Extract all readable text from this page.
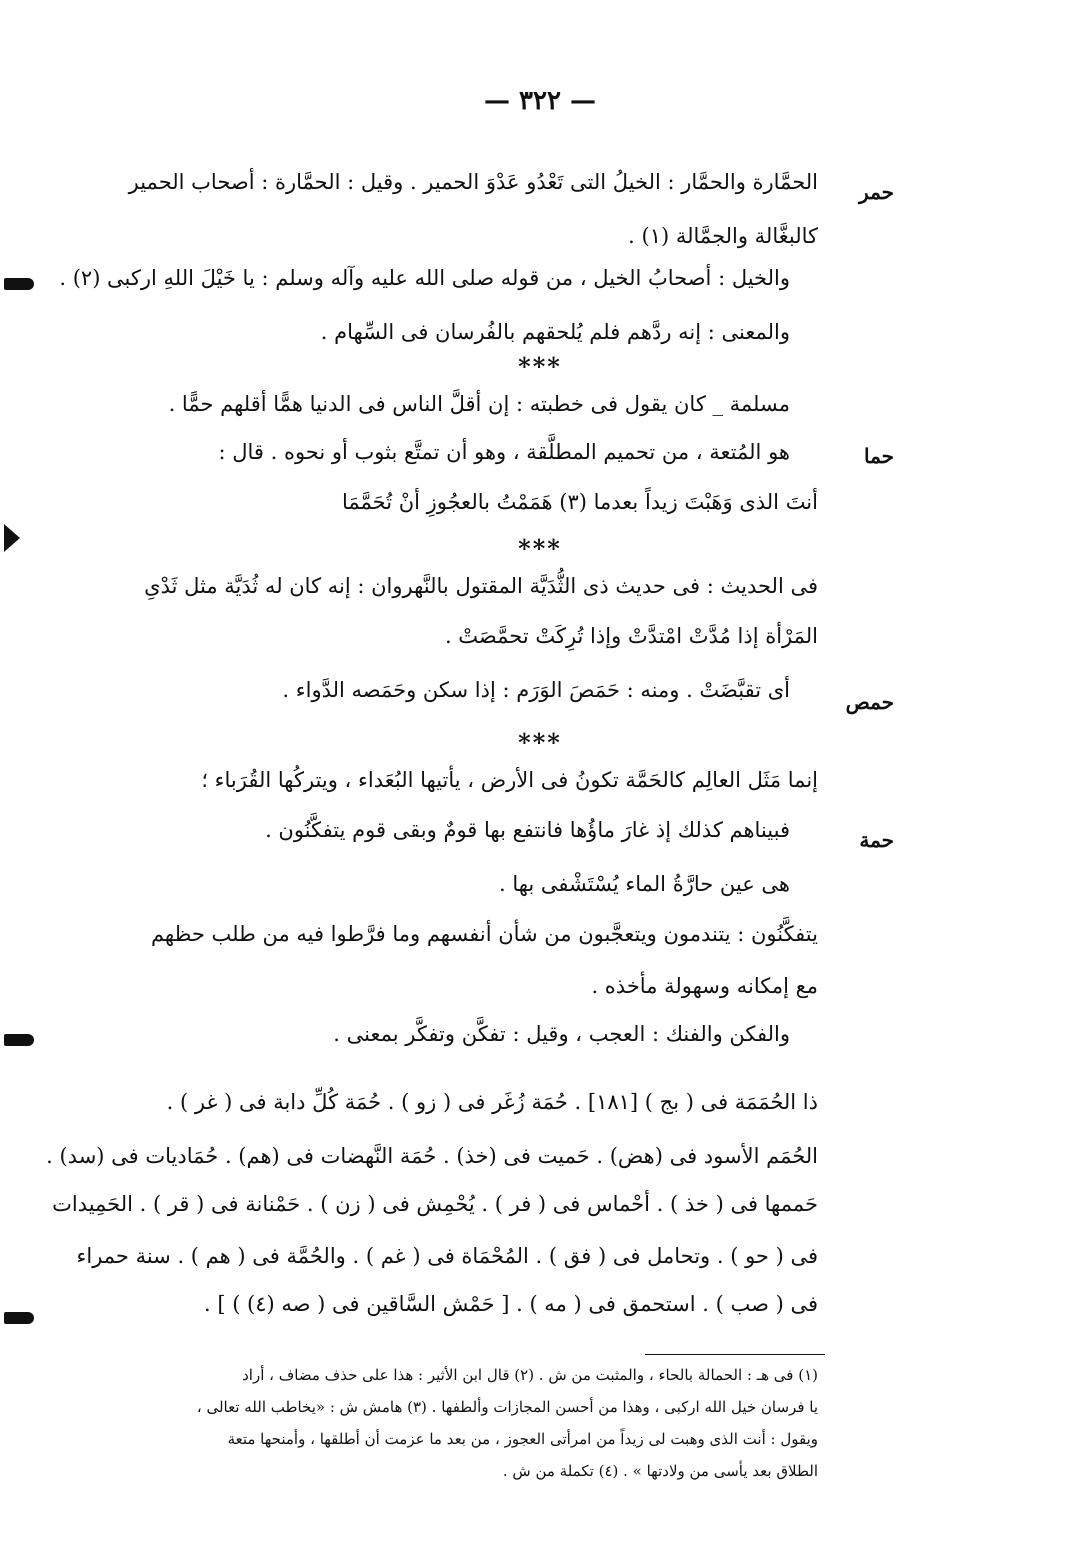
— ٣٢٢ —
حمر
الحمَّارة والحمَّار : الخيلُ التى تَعْدُو عَدْوَ الحمير . وقيل : الحمَّارة : أصحاب الحمير
كالبغَّالة والجمَّالة (١) .
والخيل : أصحابُ الخيل ، من قوله صلى الله عليه وآله وسلم : يا خَيْلَ اللهِ اركبى (٢) .
والمعنى : إنه ردَّهم فلم يُلحقهم بالفُرسان فى السِّهام .
***
مسلمة _ كان يقول فى خطبته : إن أقلَّ الناس فى الدنيا همًّا أقلهم حمًّا .
حما
هو المُتعة ، من تحميم المطلَّقة ، وهو أن تمتَّع بثوب أو نحوه . قال :
أنتَ الذى وَهَبْتَ زيداً بعدما (٣) هَمَمْتُ بالعجُوزِ أنْ تُحَمَّمَا
***
فى الحديث : فى حديث ذى الثُّدَيَّة المقتول بالنَّهروان : إنه كان له ثُدَيَّة مثل ثَدْىِ
المَرْأة إذا مُدَّتْ امْتدَّتْ وإذا تُرِكَتْ تحمَّصَتْ .
حمص
أى تقبَّضَتْ . ومنه : حَمَصَ الوَرَم : إذا سكن وحَمَصه الدَّواء .
***
إنما مَثَل العالِم كالحَمَّة تكونُ فى الأرض ، يأتيها البُعَداء ، ويتركُها القُرَباء ؛
حمة
فبيناهم كذلك إذ غارَ ماؤُها فانتفع بها قومٌ وبقى قوم يتفكَّنُون .
هى عين حارَّةُ الماء يُسْتَشْفى بها .
يتفكَّنُون : يتندمون ويتعجَّبون من شأن أنفسهم وما فرَّطوا فيه من طلب حظهم
مع إمكانه وسهولة مأخذه .
والفكن والفنك : العجب ، وقيل : تفكَّن وتفكَّر بمعنى .
ذا الحُمَمَة فى ( بج ) [١٨١] . حُمَة زُغَر فى ( زو ) . حُمَة كُلِّ دابة فى ( غر ) .
الحُمَم الأسود فى (هض) . حَميت فى (خذ) . حُمَة النَّهضات فى (هم) . حُمَاديات فى (سد) .
حَممها فى ( خذ ) . أحْماس فى ( فر ) . يُحْمِش فى ( زن ) . حَمْنانة فى ( قر ) . الحَمِيدات
فى ( حو ) . وتحامل فى ( فق ) . المُحْمَاة فى ( غم ) . والحُمَّة فى ( هم ) . سنة حمراء
فى ( صب ) . استحمق فى ( مه ) . [ حَمْش السَّاقين فى ( صه (٤) ) ] .
(١) فى هـ : الحمالة بالحاء ، والمثبت من ش . (٢) قال ابن الأثير : هذا على حذف مضاف ، أراد
يا فرسان خيل الله اركبى ، وهذا من أحسن المجازات وألطفها . (٣) هامش ش : «يخاطب الله تعالى ،
ويقول : أنت الذى وهبت لى زيداً من امرأتى العجوز ، من بعد ما عزمت أن أطلقها ، وأمنحها متعة
الطلاق بعد يأسى من ولادتها » . (٤) تكملة من ش .
